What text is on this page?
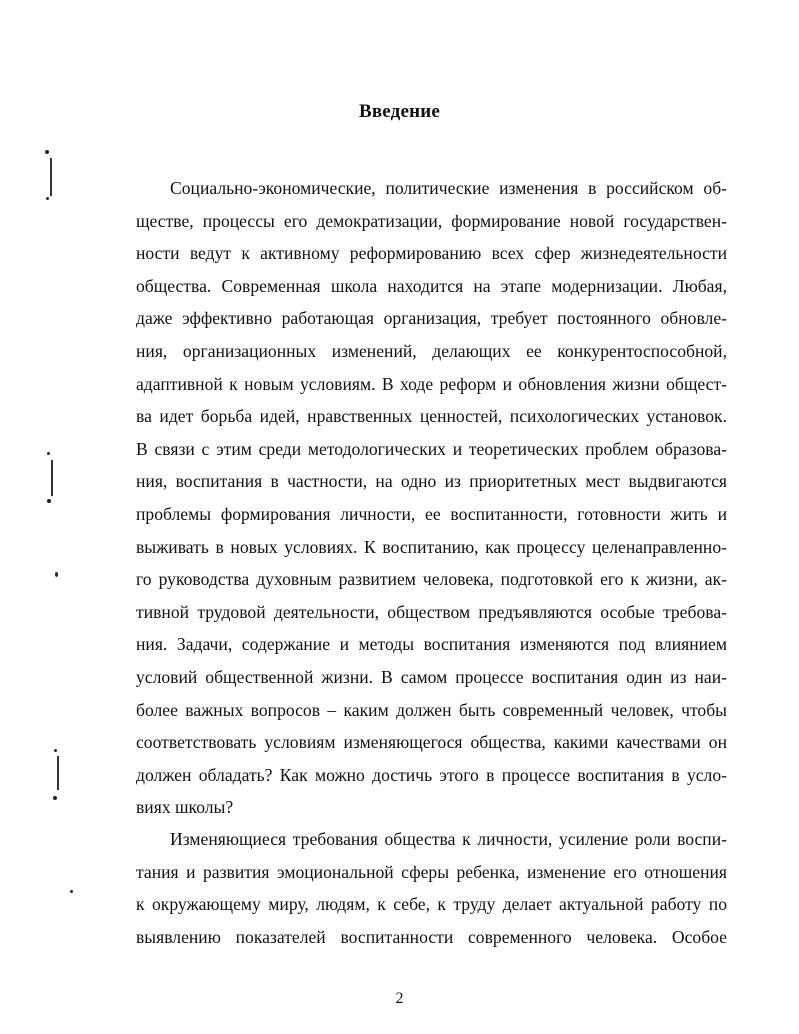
Введение
Социально-экономические, политические изменения в российском об-
ществе, процессы его демократизации, формирование новой государствен-
ности ведут к активному реформированию всех сфер жизнедеятельности
общества. Современная школа находится на этапе модернизации. Любая,
даже эффективно работающая организация, требует постоянного обновле-
ния, организационных изменений, делающих ее конкурентоспособной,
адаптивной к новым условиям. В ходе реформ и обновления жизни общест-
ва идет борьба идей, нравственных ценностей, психологических установок.
В связи с этим среди методологических и теоретических проблем образова-
ния, воспитания в частности, на одно из приоритетных мест выдвигаются
проблемы формирования личности, ее воспитанности, готовности жить и
выживать в новых условиях. К воспитанию, как процессу целенаправленно-
го руководства духовным развитием человека, подготовкой его к жизни, ак-
тивной трудовой деятельности, обществом предъявляются особые требова-
ния. Задачи, содержание и методы воспитания изменяются под влиянием
условий общественной жизни. В самом процессе воспитания один из наи-
более важных вопросов – каким должен быть современный человек, чтобы
соответствовать условиям изменяющегося общества, какими качествами он
должен обладать? Как можно достичь этого в процессе воспитания в усло-
виях школы?
Изменяющиеся требования общества к личности, усиление роли воспи-
тания и развития эмоциональной сферы ребенка, изменение его отношения
к окружающему миру, людям, к себе, к труду делает актуальной работу по
выявлению показателей воспитанности современного человека. Особое
2
